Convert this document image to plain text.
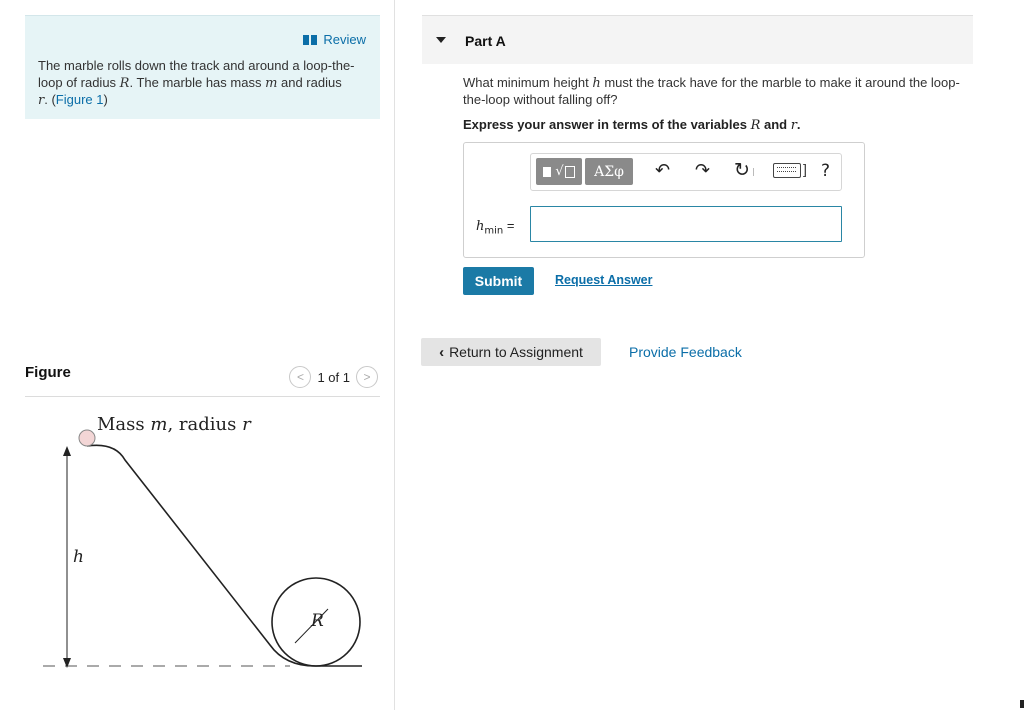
Review
The marble rolls down the track and around a loop-the-loop of radius R. The marble has mass m and radius
r. (Figure 1)
Figure	<	1 of 1	>
Mass m, radius r
h
R
Part A
What minimum height h must the track have for the marble to make it around the loop-the-loop without falling off?
Express your answer in terms of the variables R and r.
√	ΑΣφ	↶ ↷ ↻	] ?
$h_{min}$ =
Submit	Request Answer
‹ Return to Assignment	Provide Feedback
